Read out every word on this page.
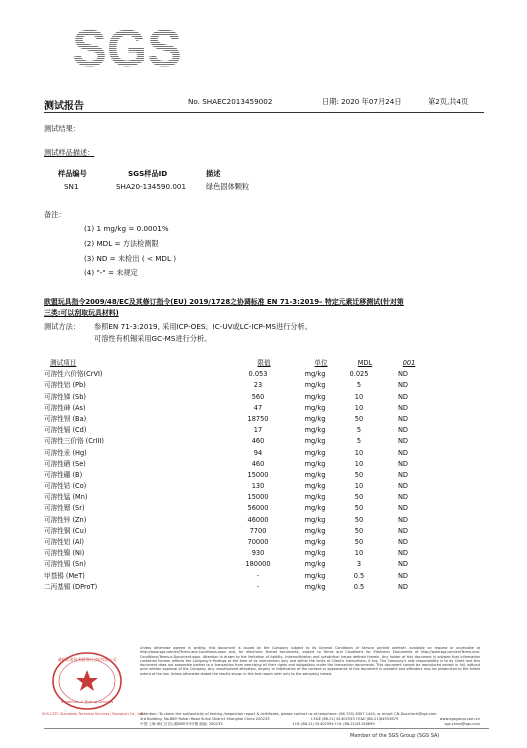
SGS
测试报告	No. SHAEC2013459002	日期: 2020 年07月24日	第2页,共4页
测试结果：
测试样品描述：
样品编号	SGS样品ID	描述
SN1	SHA20-134590.001	绿色固体颗粒
备注：
(1) 1 mg/kg = 0.0001%
(2) MDL = 方法检测限
(3) ND = 未检出 ( < MDL )
(4) "-" = 未规定
欧盟玩具指令2009/48/EC及其修订指令(EU) 2019/1728之协调标准 EN 71-3:2019– 特定元素迁移测试(针对第
三类:可以刮取玩具材料)
测试方法： 参照EN 71-3:2019, 采用ICP-OES、IC-UV或LC-ICP-MS进行分析。
可溶性有机锡采用GC-MS进行分析。
测试项目	限值	单位	MDL	001
可溶性六价铬(CrVI)	0.053	mg/kg	0.025	ND
可溶性铝 (Pb)	23	mg/kg	5	ND
可溶性锑 (Sb)	560	mg/kg	10	ND
可溶性砷 (As)	47	mg/kg	10	ND
可溶性钡 (Ba)	18750	mg/kg	50	ND
可溶性镉 (Cd)	17	mg/kg	5	ND
可溶性三价铬 (CrIII)	460	mg/kg	5	ND
可溶性汞 (Hg)	94	mg/kg	10	ND
可溶性硒 (Se)	460	mg/kg	10	ND
可溶性硼 (B)	15000	mg/kg	50	ND
可溶性钴 (Co)	130	mg/kg	10	ND
可溶性锰 (Mn)	15000	mg/kg	50	ND
可溶性锶 (Sr)	56000	mg/kg	50	ND
可溶性锌 (Zn)	46000	mg/kg	50	ND
可溶性铜 (Cu)	7700	mg/kg	50	ND
可溶性铝 (Al)	70000	mg/kg	50	ND
可溶性镍 (Ni)	930	mg/kg	10	ND
可溶性锡 (Sn)	180000	mg/kg	3	ND
甲基锡 (MeT)	-	mg/kg	0.5	ND
二丙基锡 (DProT)	-	mg/kg	0.5	ND
通标标准技术服务(上海)有限公司
Inspection & Testing Services
SGS-CSTC Standards Technical Services (Shanghai) Co., Ltd.
Unless otherwise agreed in writing, this document is issued by the Company subject to its General Conditions of Service printed overleaf, available on request or accessible at http://www.sgs.com/en/Terms-and-Conditions.aspx and, for electronic format documents, subject to Terms and Conditions for Electronic Documents at http://www.sgs.com/en/Terms-and-Conditions/Terms-e-Document.aspx. Attention is drawn to the limitation of liability, indemnification and jurisdiction issues defined therein. Any holder of this document is advised that information contained hereon reflects the Company's findings at the time of its intervention only and within the limits of Client's instructions, if any. The Company's sole responsibility is to its Client and this document does not exonerate parties to a transaction from exercising all their rights and obligations under the transaction documents. This document cannot be reproduced except in full, without prior written approval of the Company. Any unauthorized alteration, forgery or falsification of the content or appearance of this document is unlawful and offenders may be prosecuted to the fullest extent of the law. Unless otherwise stated the results shown in this test report refer only to the sample(s) tested.
Attention: To check the authenticity of testing /inspection report & certificate, please contact us at telephone: (86-755) 8307 1443, or email: CN.Doccheck@sgs.com
3rd Building, No.889 Yishan Road Xuhui District Shanghai China 200233	t E&E (86-21) 61402553 f E&E (86-21)64953679	www.sgsgroup.com.cn
中国·上海·徐汇区宜山路889号3号楼 邮编: 200233	t HL (86-21) 61402594 f HL (86-21)61156899	sgs.china@sgs.com
Member of the SGS Group (SGS SA)
